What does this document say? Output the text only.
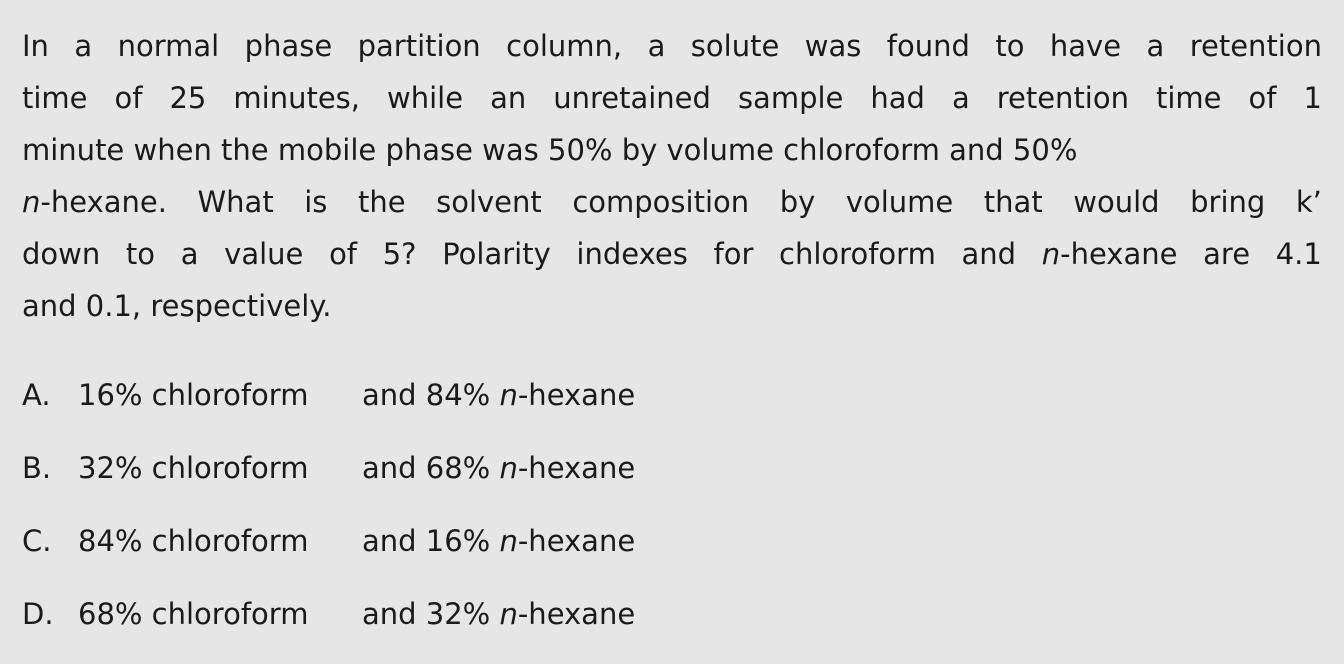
In a normal phase partition column, a solute was found to have a retention
time of 25 minutes, while an unretained sample had a retention time of 1
minute when the mobile phase was 50% by volume chloroform and 50%
n-hexane. What is the solvent composition by volume that would bring k’
down to a value of 5? Polarity indexes for chloroform and n-hexane are 4.1
and 0.1, respectively.
A. 16% chloroform and 84% n-hexane
B. 32% chloroform and 68% n-hexane
C. 84% chloroform and 16% n-hexane
D. 68% chloroform and 32% n-hexane
